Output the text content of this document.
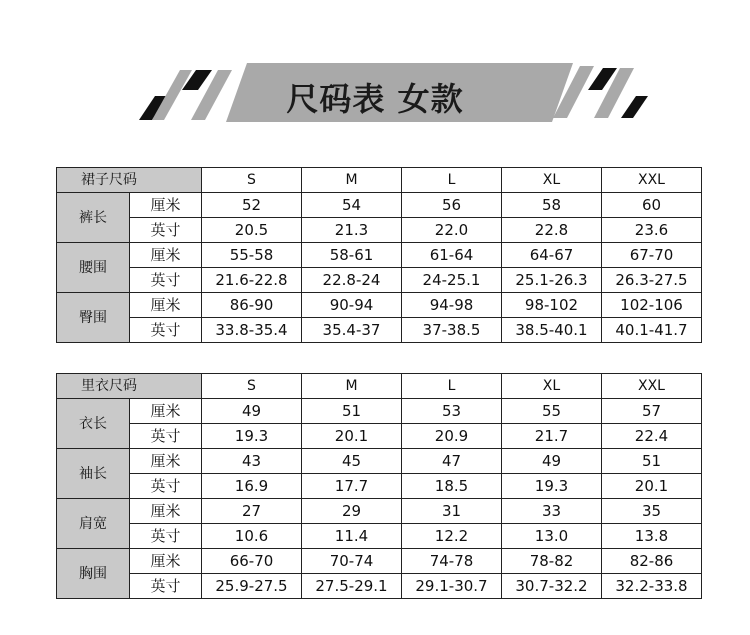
尺码表 女款
裙子尺码		S	M	L	XL	XXL
裤长	厘米	52	54	56	58	60
	英寸	20.5	21.3	22.0	22.8	23.6
腰围	厘米	55-58	58-61	61-64	64-67	67-70
	英寸	21.6-22.8	22.8-24	24-25.1	25.1-26.3	26.3-27.5
臀围	厘米	86-90	90-94	94-98	98-102	102-106
	英寸	33.8-35.4	35.4-37	37-38.5	38.5-40.1	40.1-41.7
里衣尺码		S	M	L	XL	XXL
衣长	厘米	49	51	53	55	57
	英寸	19.3	20.1	20.9	21.7	22.4
袖长	厘米	43	45	47	49	51
	英寸	16.9	17.7	18.5	19.3	20.1
肩宽	厘米	27	29	31	33	35
	英寸	10.6	11.4	12.2	13.0	13.8
胸围	厘米	66-70	70-74	74-78	78-82	82-86
	英寸	25.9-27.5	27.5-29.1	29.1-30.7	30.7-32.2	32.2-33.8
